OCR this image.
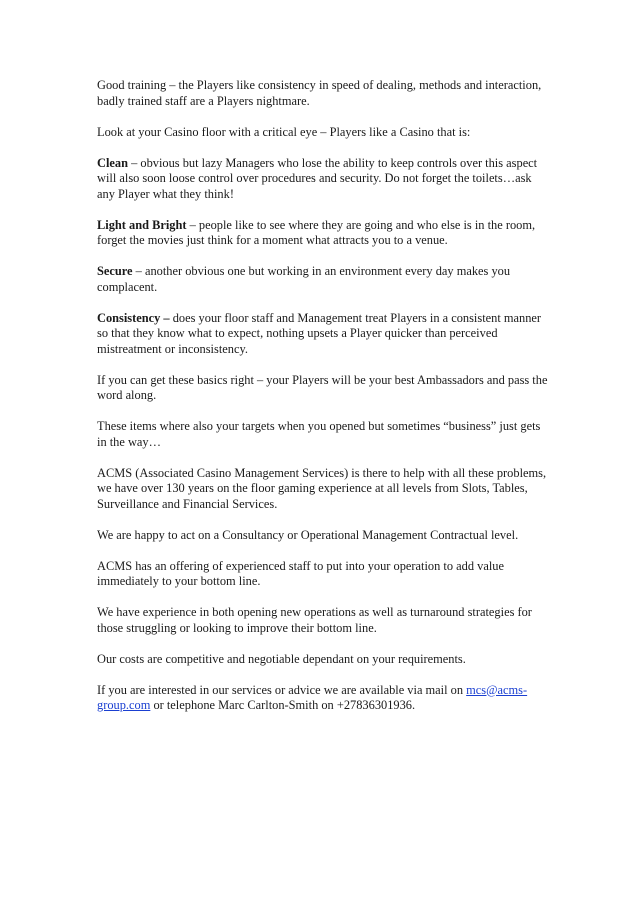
Good training – the Players like consistency in speed of dealing, methods and interaction, badly trained staff are a Players nightmare.

Look at your Casino floor with a critical eye – Players like a Casino that is:

Clean – obvious but lazy Managers who lose the ability to keep controls over this aspect will also soon loose control over procedures and security. Do not forget the toilets…ask any Player what they think!

Light and Bright – people like to see where they are going and who else is in the room, forget the movies just think for a moment what attracts you to a venue.

Secure – another obvious one but working in an environment every day makes you complacent.

Consistency – does your floor staff and Management treat Players in a consistent manner so that they know what to expect, nothing upsets a Player quicker than perceived mistreatment or inconsistency.

If you can get these basics right – your Players will be your best Ambassadors and pass the word along.

These items where also your targets when you opened but sometimes “business” just gets in the way…

ACMS (Associated Casino Management Services) is there to help with all these problems, we have over 130 years on the floor gaming experience at all levels from Slots, Tables, Surveillance and Financial Services.

We are happy to act on a Consultancy or Operational Management Contractual level.

ACMS has an offering of experienced staff to put into your operation to add value immediately to your bottom line.

We have experience in both opening new operations as well as turnaround strategies for those struggling or looking to improve their bottom line.

Our costs are competitive and negotiable dependant on your requirements.

If you are interested in our services or advice we are available via mail on mcs@acms-group.com or telephone Marc Carlton-Smith on +27836301936.
